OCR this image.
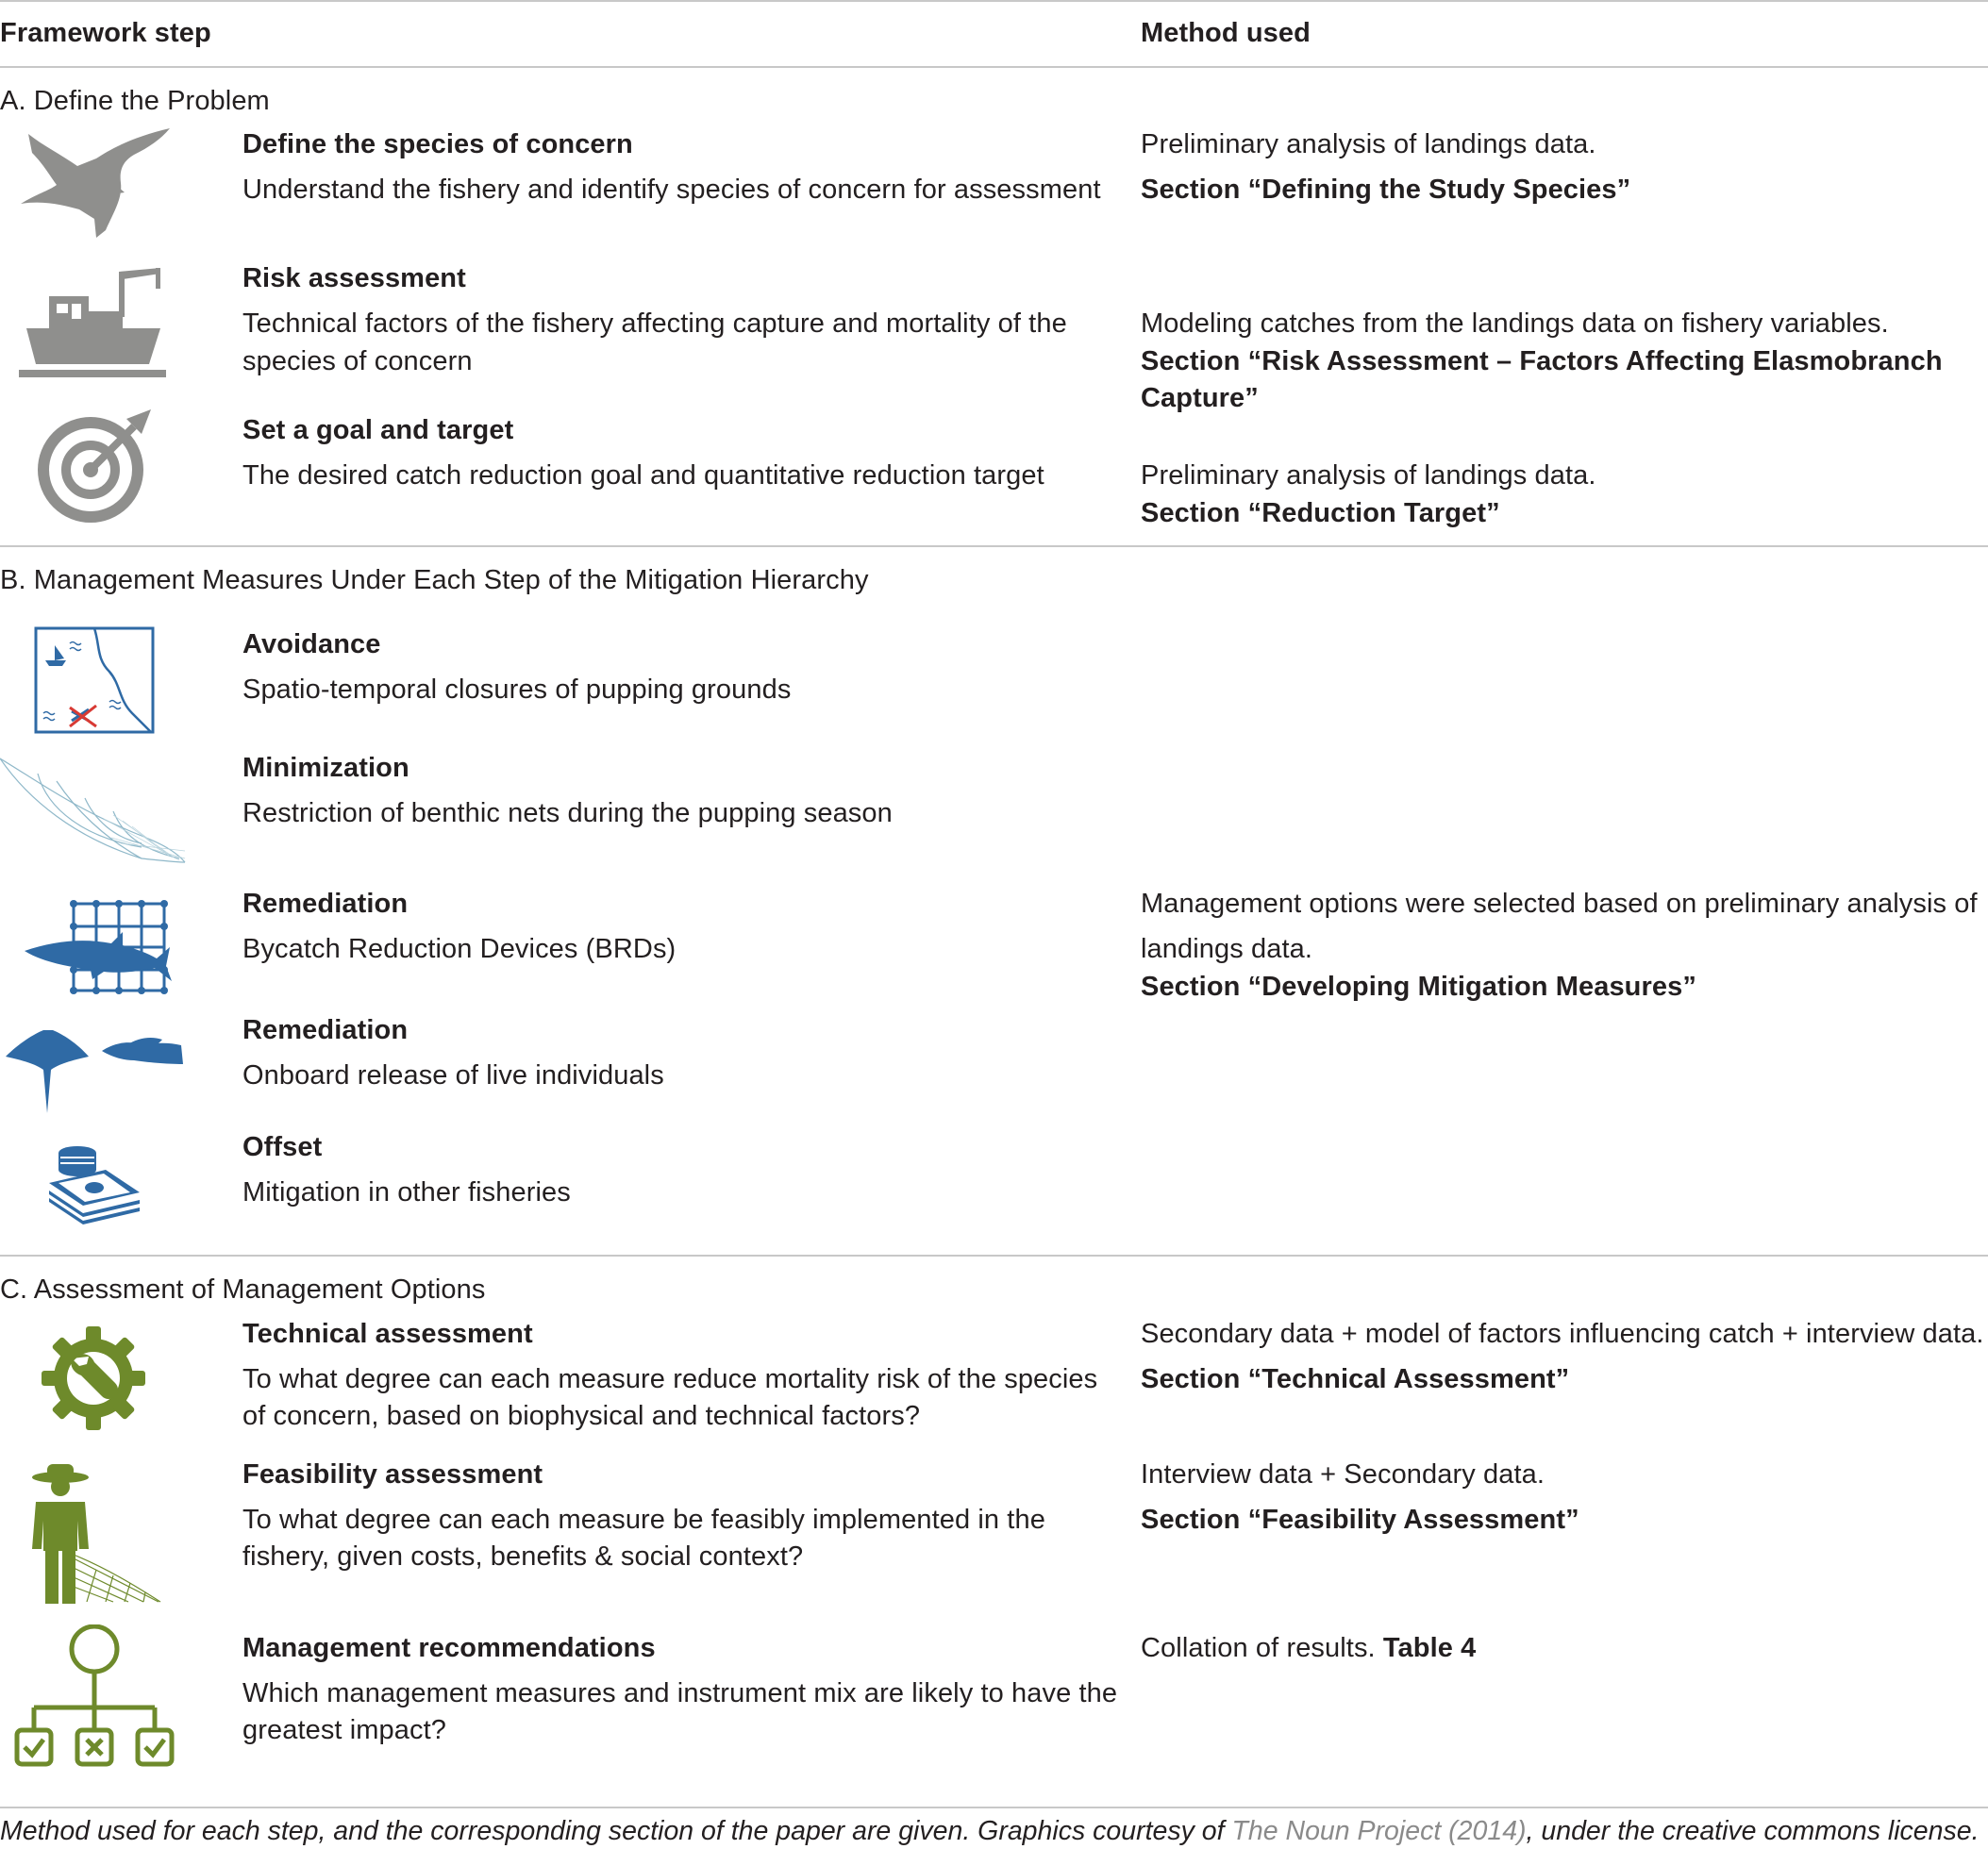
Framework step	Method used
A. Define the Problem
Define the species of concern
Understand the fishery and identify species of concern for assessment
Preliminary analysis of landings data.
Section “Defining the Study Species”
Risk assessment
Technical factors of the fishery affecting capture and mortality of the
species of concern
Modeling catches from the landings data on fishery variables.
Section “Risk Assessment – Factors Affecting Elasmobranch
Capture”
Set a goal and target
The desired catch reduction goal and quantitative reduction target	Preliminary analysis of landings data.
Section “Reduction Target”
B. Management Measures Under Each Step of the Mitigation Hierarchy
Avoidance
Spatio-temporal closures of pupping grounds
Minimization
Restriction of benthic nets during the pupping season
Remediation
Bycatch Reduction Devices (BRDs)
Management options were selected based on preliminary analysis of
landings data.
Section “Developing Mitigation Measures”
Remediation
Onboard release of live individuals
Offset
Mitigation in other fisheries
C. Assessment of Management Options
Technical assessment
To what degree can each measure reduce mortality risk of the species
of concern, based on biophysical and technical factors?
Secondary data + model of factors influencing catch + interview data.
Section “Technical Assessment”
Feasibility assessment
To what degree can each measure be feasibly implemented in the
fishery, given costs, benefits & social context?
Interview data + Secondary data.
Section “Feasibility Assessment”
Management recommendations
Which management measures and instrument mix are likely to have the
greatest impact?
Collation of results. Table 4
Method used for each step, and the corresponding section of the paper are given. Graphics courtesy of The Noun Project (2014), under the creative commons license.
